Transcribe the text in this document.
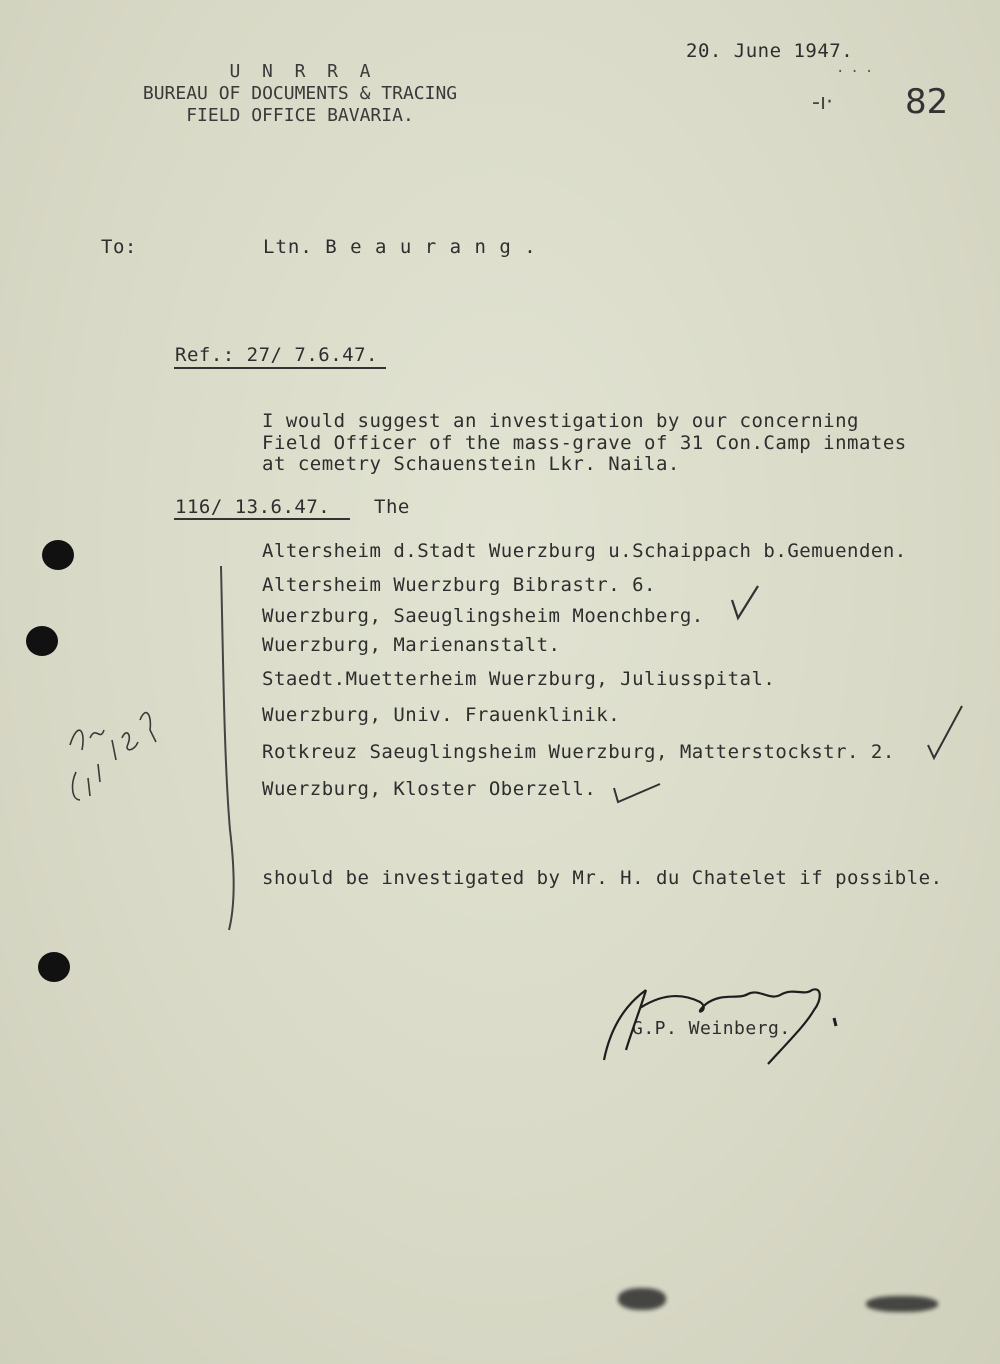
U  N  R  R  A
BUREAU OF DOCUMENTS & TRACING
FIELD OFFICE BAVARIA.
20. June 1947.
...
-ı· 82
To:	Ltn. B e a u r a n g .
Ref.: 27/ 7.6.47.
I would suggest an investigation by our concerning
Field Officer of the mass-grave of 31 Con.Camp inmates
at cemetry Schauenstein Lkr. Naila.
116/ 13.6.47. The
Altersheim d.Stadt Wuerzburg u.Schaippach b.Gemuenden.
Altersheim Wuerzburg Bibrastr. 6.
Wuerzburg, Saeuglingsheim Moenchberg.
Wuerzburg, Marienanstalt.
Staedt.Muetterheim Wuerzburg, Juliusspital.
Wuerzburg, Univ. Frauenklinik.
Rotkreuz Saeuglingsheim Wuerzburg, Matterstockstr. 2.
Wuerzburg, Kloster Oberzell.
should be investigated by Mr. H. du Chatelet if possible.
G.P. Weinberg.
